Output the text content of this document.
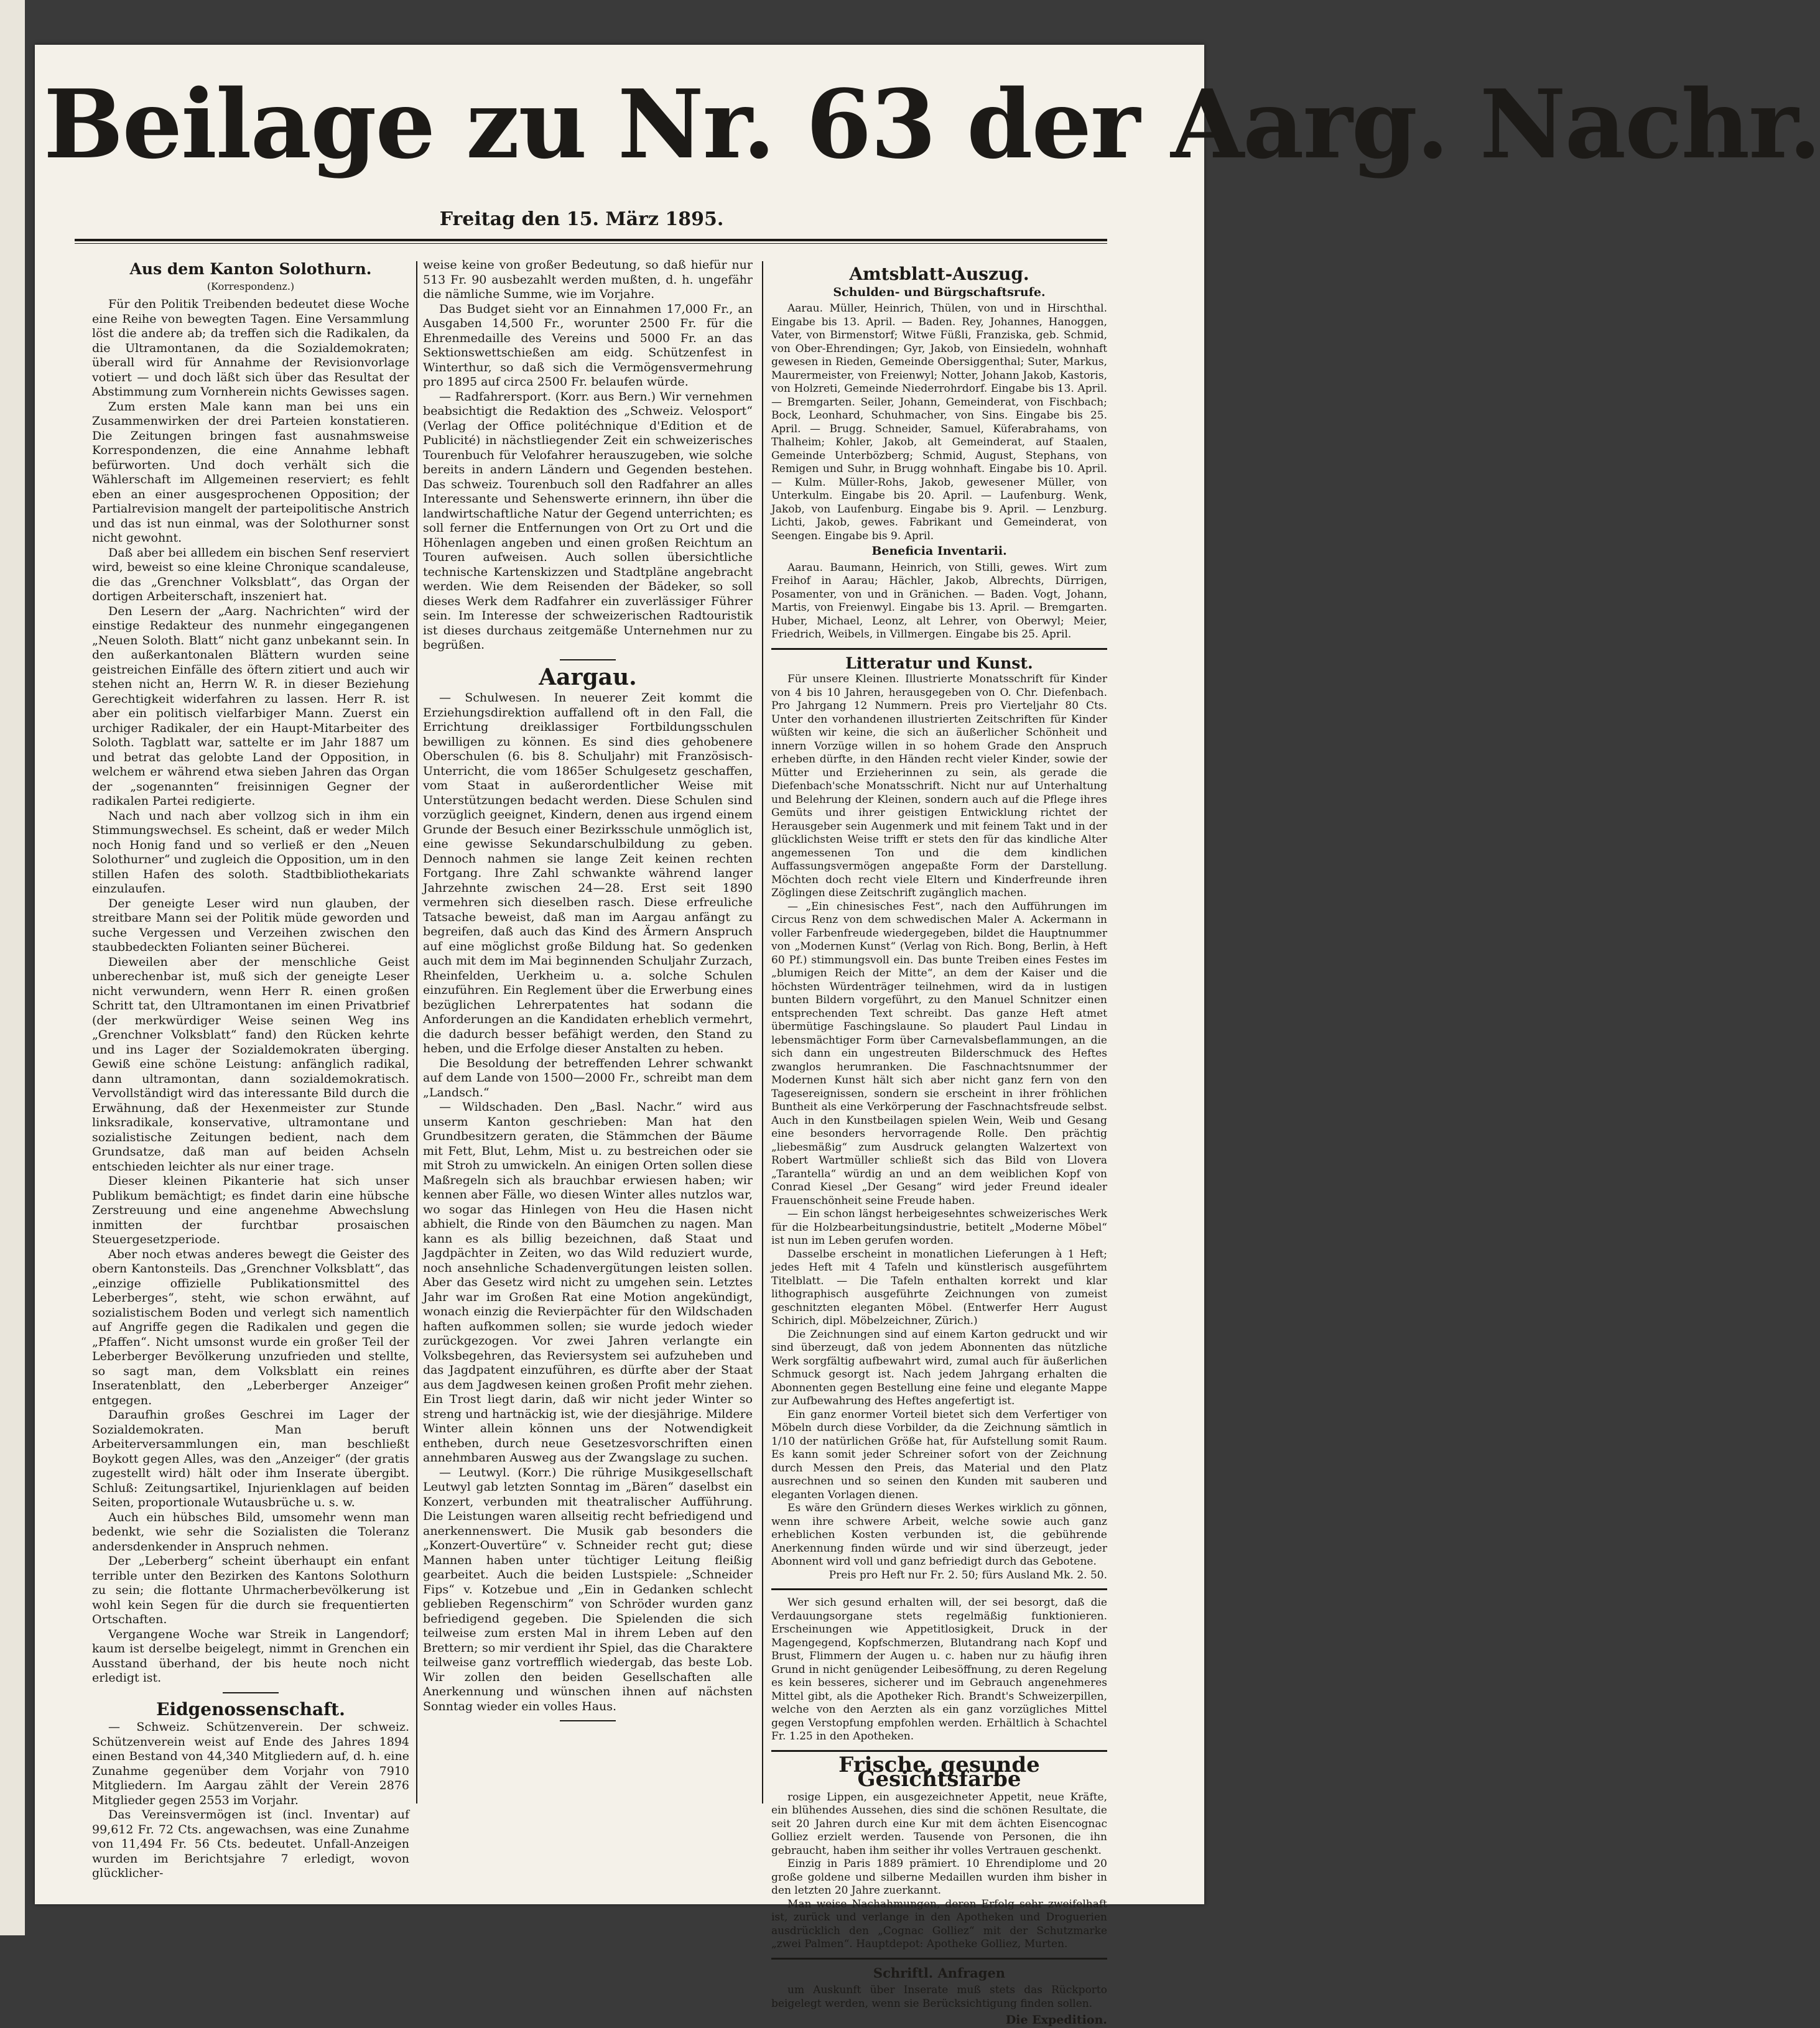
Beilage zu Nr. 63 der Aarg. Nachr.
Freitag den 15. März 1895.
Aus dem Kanton Solothurn.
(Korrespondenz.)

Für den Politik Treibenden bedeutet diese Woche eine Reihe von bewegten Tagen. Eine Versammlung löst die andere ab; da treffen sich die Radikalen, da die Ultramontanen, da die Sozialdemokraten; überall wird für Annahme der Revisionvorlage votiert — und doch läßt sich über das Resultat der Abstimmung zum Vornherein nichts Gewisses sagen.

Zum ersten Male kann man bei uns ein Zusammenwirken der drei Parteien konstatieren. Die Zeitungen bringen fast ausnahmsweise Korrespondenzen, die eine Annahme lebhaft befürworten. Und doch verhält sich die Wählerschaft im Allgemeinen reserviert; es fehlt eben an einer ausgesprochenen Opposition; der Partialrevision mangelt der parteipolitische Anstrich und das ist nun einmal, was der Solothurner sonst nicht gewohnt.

Daß aber bei allledem ein bischen Senf reserviert wird, beweist so eine kleine Chronique scandaleuse, die das „Grenchner Volksblatt“, das Organ der dortigen Arbeiterschaft, inszeniert hat.

Den Lesern der „Aarg. Nachrichten“ wird der einstige Redakteur des nunmehr eingegangenen „Neuen Soloth. Blatt“ nicht ganz unbekannt sein. In den außerkantonalen Blättern wurden seine geistreichen Einfälle des öftern zitiert und auch wir stehen nicht an, Herrn W. R. in dieser Beziehung Gerechtigkeit widerfahren zu lassen. Herr R. ist aber ein politisch vielfarbiger Mann. Zuerst ein urchiger Radikaler, der ein Haupt-Mitarbeiter des Soloth. Tagblatt war, sattelte er im Jahr 1887 um und betrat das gelobte Land der Opposition, in welchem er während etwa sieben Jahren das Organ der „sogenannten“ freisinnigen Gegner der radikalen Partei redigierte.

Nach und nach aber vollzog sich in ihm ein Stimmungswechsel. Es scheint, daß er weder Milch noch Honig fand und so verließ er den „Neuen Solothurner“ und zugleich die Opposition, um in den stillen Hafen des soloth. Stadtbibliothekariats einzulaufen.

Der geneigte Leser wird nun glauben, der streitbare Mann sei der Politik müde geworden und suche Vergessen und Verzeihen zwischen den staubbedeckten Folianten seiner Bücherei.

Dieweilen aber der menschliche Geist unberechenbar ist, muß sich der geneigte Leser nicht verwundern, wenn Herr R. einen großen Schritt tat, den Ultramontanen im einen Privatbrief (der merkwürdiger Weise seinen Weg ins „Grenchner Volksblatt“ fand) den Rücken kehrte und ins Lager der Sozialdemokraten überging. Gewiß eine schöne Leistung: anfänglich radikal, dann ultramontan, dann sozialdemokratisch. Vervollständigt wird das interessante Bild durch die Erwähnung, daß der Hexenmeister zur Stunde linksradikale, konservative, ultramontane und sozialistische Zeitungen bedient, nach dem Grundsatze, daß man auf beiden Achseln entschieden leichter als nur einer trage.

Dieser kleinen Pikanterie hat sich unser Publikum bemächtigt; es findet darin eine hübsche Zerstreuung und eine angenehme Abwechslung inmitten der furchtbar prosaischen Steuergesetzperiode.

Aber noch etwas anderes bewegt die Geister des obern Kantonsteils. Das „Grenchner Volksblatt“, das „einzige offizielle Publikationsmittel des Leberberges“, steht, wie schon erwähnt, auf sozialistischem Boden und verlegt sich namentlich auf Angriffe gegen die Radikalen und gegen die „Pfaffen“. Nicht umsonst wurde ein großer Teil der Leberberger Bevölkerung unzufrieden und stellte, so sagt man, dem Volksblatt ein reines Inseratenblatt, den „Leberberger Anzeiger“ entgegen.

Daraufhin großes Geschrei im Lager der Sozialdemokraten. Man beruft Arbeiterversammlungen ein, man beschließt Boykott gegen Alles, was den „Anzeiger“ (der gratis zugestellt wird) hält oder ihm Inserate übergibt. Schluß: Zeitungsartikel, Injurienklagen auf beiden Seiten, proportionale Wutausbrüche u. s. w.

Auch ein hübsches Bild, umsomehr wenn man bedenkt, wie sehr die Sozialisten die Toleranz andersdenkender in Anspruch nehmen.

Der „Leberberg“ scheint überhaupt ein enfant terrible unter den Bezirken des Kantons Solothurn zu sein; die flottante Uhrmacherbevölkerung ist wohl kein Segen für die durch sie frequentierten Ortschaften.

Vergangene Woche war Streik in Langendorf; kaum ist derselbe beigelegt, nimmt in Grenchen ein Ausstand überhand, der bis heute noch nicht erledigt ist.

Eidgenossenschaft.

— Schweiz. Schützenverein. Der schweiz. Schützenverein weist auf Ende des Jahres 1894 einen Bestand von 44,340 Mitgliedern auf, d. h. eine Zunahme gegenüber dem Vorjahr von 7910 Mitgliedern. Im Aargau zählt der Verein 2876 Mitglieder gegen 2553 im Vorjahr.

Das Vereinsvermögen ist (incl. Inventar) auf 99,612 Fr. 72 Cts. angewachsen, was eine Zunahme von 11,494 Fr. 56 Cts. bedeutet. Unfall-Anzeigen wurden im Berichtsjahre 7 erledigt, wovon glücklicher-

weise keine von großer Bedeutung, so daß hiefür nur 513 Fr. 90 ausbezahlt werden mußten, d. h. ungefähr die nämliche Summe, wie im Vorjahre.

Das Budget sieht vor an Einnahmen 17,000 Fr., an Ausgaben 14,500 Fr., worunter 2500 Fr. für die Ehrenmedaille des Vereins und 5000 Fr. an das Sektionswettschießen am eidg. Schützenfest in Winterthur, so daß sich die Vermögensvermehrung pro 1895 auf circa 2500 Fr. belaufen würde.

— Radfahrersport. (Korr. aus Bern.) Wir vernehmen beabsichtigt die Redaktion des „Schweiz. Velosport“ (Verlag der Office politéchnique d'Edition et de Publicité) in nächstliegender Zeit ein schweizerisches Tourenbuch für Velofahrer herauszugeben, wie solche bereits in andern Ländern und Gegenden bestehen. Das schweiz. Tourenbuch soll den Radfahrer an alles Interessante und Sehenswerte erinnern, ihn über die landwirtschaftliche Natur der Gegend unterrichten; es soll ferner die Entfernungen von Ort zu Ort und die Höhenlagen angeben und einen großen Reichtum an Touren aufweisen. Auch sollen übersichtliche technische Kartenskizzen und Stadtpläne angebracht werden. Wie dem Reisenden der Bädeker, so soll dieses Werk dem Radfahrer ein zuverlässiger Führer sein. Im Interesse der schweizerischen Radtouristik ist dieses durchaus zeitgemäße Unternehmen nur zu begrüßen.

Aargau.

— Schulwesen. In neuerer Zeit kommt die Erziehungsdirektion auffallend oft in den Fall, die Errichtung dreiklassiger Fortbildungsschulen bewilligen zu können. Es sind dies gehobenere Oberschulen (6. bis 8. Schuljahr) mit Französisch-Unterricht, die vom 1865er Schulgesetz geschaffen, vom Staat in außerordentlicher Weise mit Unterstützungen bedacht werden. Diese Schulen sind vorzüglich geeignet, Kindern, denen aus irgend einem Grunde der Besuch einer Bezirksschule unmöglich ist, eine gewisse Sekundarschulbildung zu geben. Dennoch nahmen sie lange Zeit keinen rechten Fortgang. Ihre Zahl schwankte während langer Jahrzehnte zwischen 24—28. Erst seit 1890 vermehren sich dieselben rasch. Diese erfreuliche Tatsache beweist, daß man im Aargau anfängt zu begreifen, daß auch das Kind des Ärmern Anspruch auf eine möglichst große Bildung hat. So gedenken auch mit dem im Mai beginnenden Schuljahr Zurzach, Rheinfelden, Uerkheim u. a. solche Schulen einzuführen. Ein Reglement über die Erwerbung eines bezüglichen Lehrerpatentes hat sodann die Anforderungen an die Kandidaten erheblich vermehrt, die dadurch besser befähigt werden, den Stand zu heben, und die Erfolge dieser Anstalten zu heben.

Die Besoldung der betreffenden Lehrer schwankt auf dem Lande von 1500—2000 Fr., schreibt man dem „Landsch.“

— Wildschaden. Den „Basl. Nachr.“ wird aus unserm Kanton geschrieben: Man hat den Grundbesitzern geraten, die Stämmchen der Bäume mit Fett, Blut, Lehm, Mist u. zu bestreichen oder sie mit Stroh zu umwickeln. An einigen Orten sollen diese Maßregeln sich als brauchbar erwiesen haben; wir kennen aber Fälle, wo diesen Winter alles nutzlos war, wo sogar das Hinlegen von Heu die Hasen nicht abhielt, die Rinde von den Bäumchen zu nagen. Man kann es als billig bezeichnen, daß Staat und Jagdpächter in Zeiten, wo das Wild reduziert wurde, noch ansehnliche Schadenvergütungen leisten sollen. Aber das Gesetz wird nicht zu umgehen sein. Letztes Jahr war im Großen Rat eine Motion angekündigt, wonach einzig die Revierpächter für den Wildschaden haften aufkommen sollen; sie wurde jedoch wieder zurückgezogen. Vor zwei Jahren verlangte ein Volksbegehren, das Reviersystem sei aufzuheben und das Jagdpatent einzuführen, es dürfte aber der Staat aus dem Jagdwesen keinen großen Profit mehr ziehen. Ein Trost liegt darin, daß wir nicht jeder Winter so streng und hartnäckig ist, wie der diesjährige. Mildere Winter allein können uns der Notwendigkeit entheben, durch neue Gesetzesvorschriften einen annehmbaren Ausweg aus der Zwangslage zu suchen.

— Leutwyl. (Korr.) Die rührige Musikgesellschaft Leutwyl gab letzten Sonntag im „Bären“ daselbst ein Konzert, verbunden mit theatralischer Aufführung. Die Leistungen waren allseitig recht befriedigend und anerkennenswert. Die Musik gab besonders die „Konzert-Ouvertüre“ v. Schneider recht gut; diese Mannen haben unter tüchtiger Leitung fleißig gearbeitet. Auch die beiden Lustspiele: „Schneider Fips“ v. Kotzebue und „Ein in Gedanken schlecht geblieben Regenschirm“ von Schröder wurden ganz befriedigend gegeben. Die Spielenden die sich teilweise zum ersten Mal in ihrem Leben auf den Brettern; so mir verdient ihr Spiel, das die Charaktere teilweise ganz vortrefflich wiedergab, das beste Lob. Wir zollen den beiden Gesellschaften alle Anerkennung und wünschen ihnen auf nächsten Sonntag wieder ein volles Haus.

Amtsblatt-Auszug.
Schulden- und Bürgschaftsrufe.

Aarau. Müller, Heinrich, Thülen, von und in Hirschthal. Eingabe bis 13. April. — Baden. Rey, Johannes, Hanoggen, Vater, von Birmenstorf; Witwe Füßli, Franziska, geb. Schmid, von Ober-Ehrendingen; Gyr, Jakob, von Einsiedeln, wohnhaft gewesen in Rieden, Gemeinde Obersiggenthal; Suter, Markus, Maurermeister, von Freienwyl; Notter, Johann Jakob, Kastoris, von Holzreti, Gemeinde Niederrohrdorf. Eingabe bis 13. April. — Bremgarten. Seiler, Johann, Gemeinderat, von Fischbach; Bock, Leonhard, Schuhmacher, von Sins. Eingabe bis 25. April. — Brugg. Schneider, Samuel, Küferabrahams, von Thalheim; Kohler, Jakob, alt Gemeinderat, auf Staalen, Gemeinde Unterbözberg; Schmid, August, Stephans, von Remigen und Suhr, in Brugg wohnhaft. Eingabe bis 10. April. — Kulm. Müller-Rohs, Jakob, gewesener Müller, von Unterkulm. Eingabe bis 20. April. — Laufenburg. Wenk, Jakob, von Laufenburg. Eingabe bis 9. April. — Lenzburg. Lichti, Jakob, gewes. Fabrikant und Gemeinderat, von Seengen. Eingabe bis 9. April.

Beneficia Inventarii.

Aarau. Baumann, Heinrich, von Stilli, gewes. Wirt zum Freihof in Aarau; Hächler, Jakob, Albrechts, Dürrigen, Posamenter, von und in Gränichen. — Baden. Vogt, Johann, Martis, von Freienwyl. Eingabe bis 13. April. — Bremgarten. Huber, Michael, Leonz, alt Lehrer, von Oberwyl; Meier, Friedrich, Weibels, in Villmergen. Eingabe bis 25. April.

Litteratur und Kunst.

Für unsere Kleinen. Illustrierte Monatsschrift für Kinder von 4 bis 10 Jahren, herausgegeben von O. Chr. Diefenbach. Pro Jahrgang 12 Nummern. Preis pro Vierteljahr 80 Cts. Unter den vorhandenen illustrierten Zeitschriften für Kinder wüßten wir keine, die sich an äußerlicher Schönheit und innern Vorzüge willen in so hohem Grade den Anspruch erheben dürfte, in den Händen recht vieler Kinder, sowie der Mütter und Erzieherinnen zu sein, als gerade die Diefenbach'sche Monatsschrift. Nicht nur auf Unterhaltung und Belehrung der Kleinen, sondern auch auf die Pflege ihres Gemüts und ihrer geistigen Entwicklung richtet der Herausgeber sein Augenmerk und mit feinem Takt und in der glücklichsten Weise trifft er stets den für das kindliche Alter angemessenen Ton und die dem kindlichen Auffassungsvermögen angepaßte Form der Darstellung. Möchten doch recht viele Eltern und Kinderfreunde ihren Zöglingen diese Zeitschrift zugänglich machen.

— „Ein chinesisches Fest“, nach den Aufführungen im Circus Renz von dem schwedischen Maler A. Ackermann in voller Farbenfreude wiedergegeben, bildet die Hauptnummer von „Modernen Kunst“ (Verlag von Rich. Bong, Berlin, à Heft 60 Pf.) stimmungsvoll ein. Das bunte Treiben eines Festes im „blumigen Reich der Mitte“, an dem der Kaiser und die höchsten Würdenträger teilnehmen, wird da in lustigen bunten Bildern vorgeführt, zu den Manuel Schnitzer einen entsprechenden Text schreibt. Das ganze Heft atmet übermütige Faschingslaune. So plaudert Paul Lindau in lebensmächtiger Form über Carnevalsbeflammungen, an die sich dann ein ungestreuten Bilderschmuck des Heftes zwanglos herumranken. Die Faschnachtsnummer der Modernen Kunst hält sich aber nicht ganz fern von den Tagesereignissen, sondern sie erscheint in ihrer fröhlichen Buntheit als eine Verkörperung der Faschnachtsfreude selbst. Auch in den Kunstbeilagen spielen Wein, Weib und Gesang eine besonders hervorragende Rolle. Den prächtig „liebesmäßig“ zum Ausdruck gelangten Walzertext von Robert Wartmüller schließt sich das Bild von Llovera „Tarantella“ würdig an und an dem weiblichen Kopf von Conrad Kiesel „Der Gesang“ wird jeder Freund idealer Frauenschönheit seine Freude haben.

— Ein schon längst herbeigesehntes schweizerisches Werk für die Holzbearbeitungsindustrie, betitelt „Moderne Möbel“ ist nun im Leben gerufen worden.

Dasselbe erscheint in monatlichen Lieferungen à 1 Heft; jedes Heft mit 4 Tafeln und künstlerisch ausgeführtem Titelblatt. — Die Tafeln enthalten korrekt und klar lithographisch ausgeführte Zeichnungen von zumeist geschnitzten eleganten Möbel. (Entwerfer Herr August Schirich, dipl. Möbelzeichner, Zürich.)

Die Zeichnungen sind auf einem Karton gedruckt und wir sind überzeugt, daß von jedem Abonnenten das nützliche Werk sorgfältig aufbewahrt wird, zumal auch für äußerlichen Schmuck gesorgt ist. Nach jedem Jahrgang erhalten die Abonnenten gegen Bestellung eine feine und elegante Mappe zur Aufbewahrung des Heftes angefertigt ist.

Ein ganz enormer Vorteil bietet sich dem Verfertiger von Möbeln durch diese Vorbilder, da die Zeichnung sämtlich in 1/10 der natürlichen Größe hat, für Aufstellung somit Raum. Es kann somit jeder Schreiner sofort von der Zeichnung durch Messen den Preis, das Material und den Platz ausrechnen und so seinen den Kunden mit sauberen und eleganten Vorlagen dienen.

Es wäre den Gründern dieses Werkes wirklich zu gönnen, wenn ihre schwere Arbeit, welche sowie auch ganz erheblichen Kosten verbunden ist, die gebührende Anerkennung finden würde und wir sind überzeugt, jeder Abonnent wird voll und ganz befriedigt durch das Gebotene.

Preis pro Heft nur Fr. 2. 50; fürs Ausland Mk. 2. 50.

Wer sich gesund erhalten will, der sei besorgt, daß die Verdauungsorgane stets regelmäßig funktionieren. Erscheinungen wie Appetitlosigkeit, Druck in der Magengegend, Kopfschmerzen, Blutandrang nach Kopf und Brust, Flimmern der Augen u. c. haben nur zu häufig ihren Grund in nicht genügender Leibesöffnung, zu deren Regelung es kein besseres, sicherer und im Gebrauch angenehmeres Mittel gibt, als die Apotheker Rich. Brandt's Schweizerpillen, welche von den Aerzten als ein ganz vorzügliches Mittel gegen Verstopfung empfohlen werden. Erhältlich à Schachtel Fr. 1.25 in den Apotheken.

Frische, gesunde Gesichtsfarbe

rosige Lippen, ein ausgezeichneter Appetit, neue Kräfte, ein blühendes Aussehen, dies sind die schönen Resultate, die seit 20 Jahren durch eine Kur mit dem ächten Eisencognac Golliez erzielt werden. Tausende von Personen, die ihn gebraucht, haben ihm seither ihr volles Vertrauen geschenkt.

Einzig in Paris 1889 prämiert. 10 Ehrendiplome und 20 große goldene und silberne Medaillen wurden ihm bisher in den letzten 20 Jahre zuerkannt.

Man weise Nachahmungen, deren Erfolg sehr zweifelhaft ist, zurück und verlange in den Apotheken und Droguerien ausdrücklich den „Cognac Golliez“ mit der Schutzmarke „zwei Palmen“. Hauptdepot: Apotheke Golliez, Murten.

Schriftl. Anfragen

um Auskunft über Inserate muß stets das Rückporto beigelegt werden, wenn sie Berücksichtigung finden sollen.

Die Expedition.
